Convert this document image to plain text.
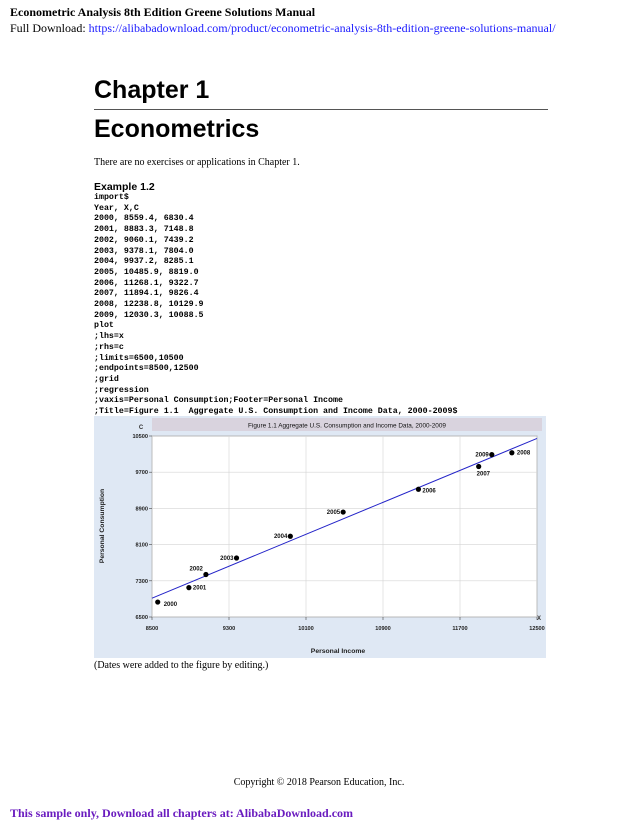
Econometric Analysis 8th Edition Greene Solutions Manual
Full Download: https://alibabadownload.com/product/econometric-analysis-8th-edition-greene-solutions-manual/
Chapter 1
Econometrics
There are no exercises or applications in Chapter 1.
Example 1.2
import$
Year, X,C
2000, 8559.4, 6830.4
2001, 8883.3, 7148.8
2002, 9060.1, 7439.2
2003, 9378.1, 7804.0
2004, 9937.2, 8285.1
2005, 10485.9, 8819.0
2006, 11268.1, 9322.7
2007, 11894.1, 9826.4
2008, 12238.8, 10129.9
2009, 12030.3, 10088.5
plot
;lhs=x
;rhs=c
;limits=6500,10500
;endpoints=8500,12500
;grid
;regression
;vaxis=Personal Consumption;Footer=Personal Income
;Title=Figure 1.1  Aggregate U.S. Consumption and Income Data, 2000-2009$
Figure 1.1 Aggregate U.S. Consumption and Income Data, 2000-2009
6500
7300
8100
8900
9700
10500
8500	9300	10100	10900	11700	12500
2000
2001
2002
2003
2004
2005
2006
2007
2008
2009
C
X
Personal Income
Personal Consumption
(Dates were added to the figure by editing.)
Copyright © 2018 Pearson Education, Inc.
This sample only, Download all chapters at: AlibabaDownload.com
